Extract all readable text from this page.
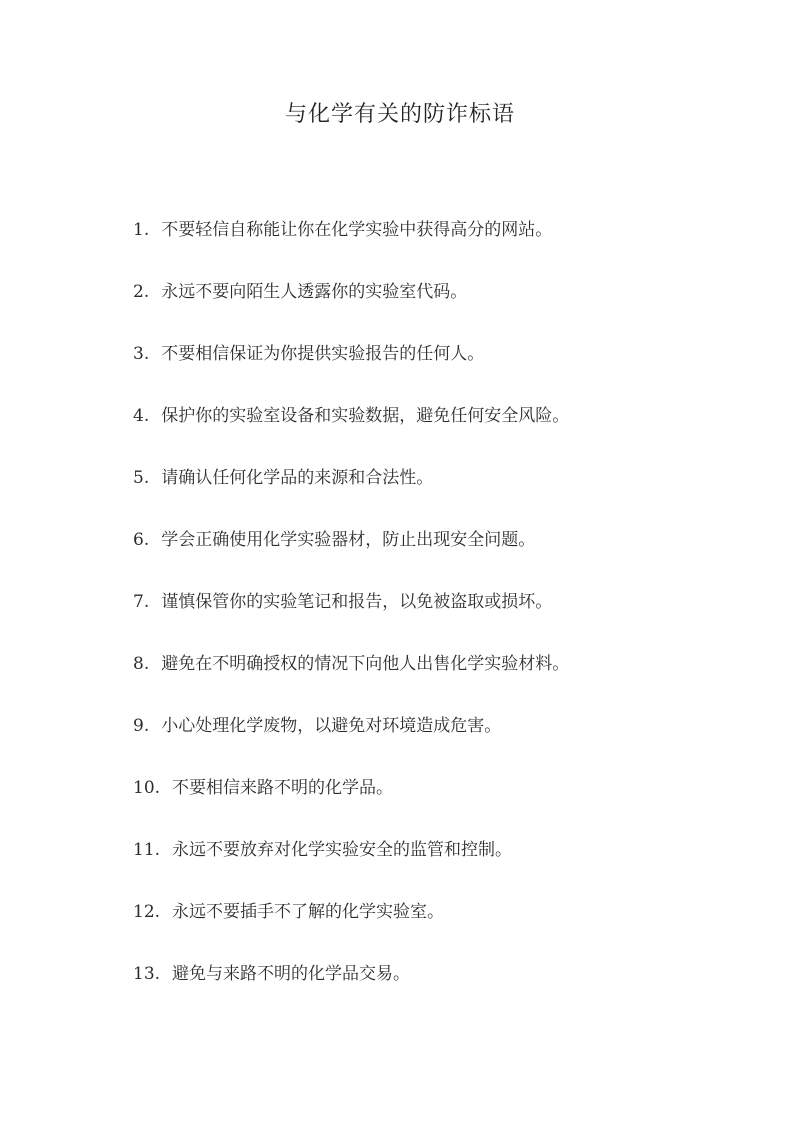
与化学有关的防诈标语
1. 不要轻信自称能让你在化学实验中获得高分的网站。
2. 永远不要向陌生人透露你的实验室代码。
3. 不要相信保证为你提供实验报告的任何人。
4. 保护你的实验室设备和实验数据，避免任何安全风险。
5. 请确认任何化学品的来源和合法性。
6. 学会正确使用化学实验器材，防止出现安全问题。
7. 谨慎保管你的实验笔记和报告，以免被盗取或损坏。
8. 避免在不明确授权的情况下向他人出售化学实验材料。
9. 小心处理化学废物，以避免对环境造成危害。
10. 不要相信来路不明的化学品。
11. 永远不要放弃对化学实验安全的监管和控制。
12. 永远不要插手不了解的化学实验室。
13. 避免与来路不明的化学品交易。
